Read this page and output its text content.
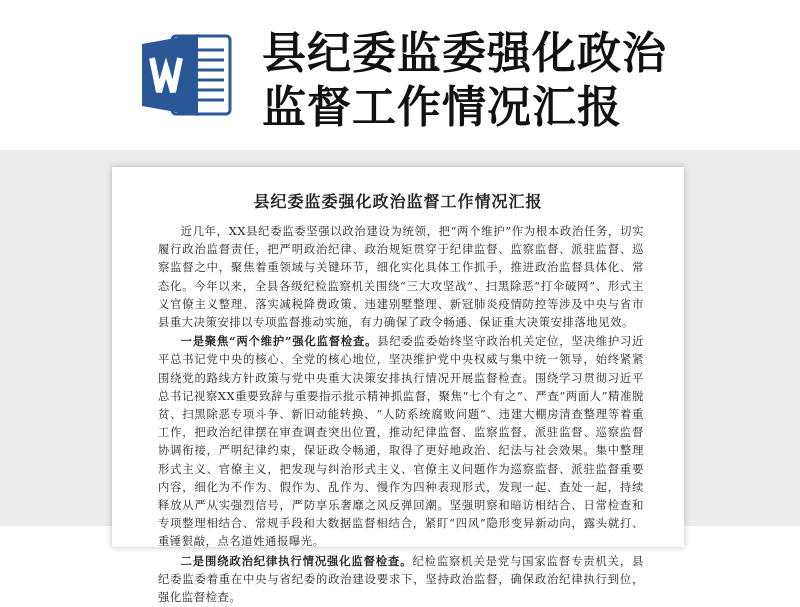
县纪委监委强化政治
监督工作情况汇报
县纪委监委强化政治监督工作情况汇报

近几年，XX县纪委监委坚强以政治建设为统领，把“两个维护”作为根本政治任务，切实履行政治监督责任，把严明政治纪律、政治规矩贯穿于纪律监督、监察监督、派驻监督、巡察监督之中，聚焦着重领域与关键环节，细化实化具体工作抓手，推进政治监督具体化、常态化。今年以来，全县各级纪检监察机关围绕“三大攻坚战”、扫黑除恶“打伞破网”、形式主义官僚主义整理、落实减税降费政策、违建别墅整理、新冠肺炎疫情防控等涉及中央与省市县重大决策安排以专项监督推动实施，有力确保了政令畅通、保证重大决策安排落地见效。

一是聚焦“两个维护”强化监督检查。县纪委监委始终坚守政治机关定位，坚决维护习近平总书记党中央的核心、全党的核心地位，坚决维护党中央权威与集中统一领导，始终紧紧围绕党的路线方针政策与党中央重大决策安排执行情况开展监督检查。围绕学习贯彻习近平总书记视察XX重要致辞与重要指示批示精神抓监督，聚焦“七个有之”、严查“两面人”精准脱贫、扫黑除恶专项斗争、新旧动能转换、“人防系统腐败问题”、违建大棚房清查整理等着重工作，把政治纪律摆在审查调查突出位置，推动纪律监督、监察监督、派驻监督、巡察监督协调衔接，严明纪律约束，保证政令畅通，取得了更好地政治、纪法与社会效果。集中整理形式主义、官僚主义，把发现与纠治形式主义、官僚主义问题作为巡察监督、派驻监督重要内容，细化为不作为、假作为、乱作为、慢作为四种表现形式，发现一起、查处一起，持续释放从严从实强烈信号，严防享乐奢靡之风反弹回潮。坚强明察和暗访相结合、日常检查和专项整理相结合、常规手段和大数据监督相结合，紧盯“四风”隐形变异新动向，露头就打、重锤狠敲，点名道姓通报曝光。

二是围绕政治纪律执行情况强化监督检查。纪检监察机关是党与国家监督专责机关，县纪委监委着重在中央与省纪委的政治建设要求下，坚持政治监督，确保政治纪律执行到位，强化监督检查。
